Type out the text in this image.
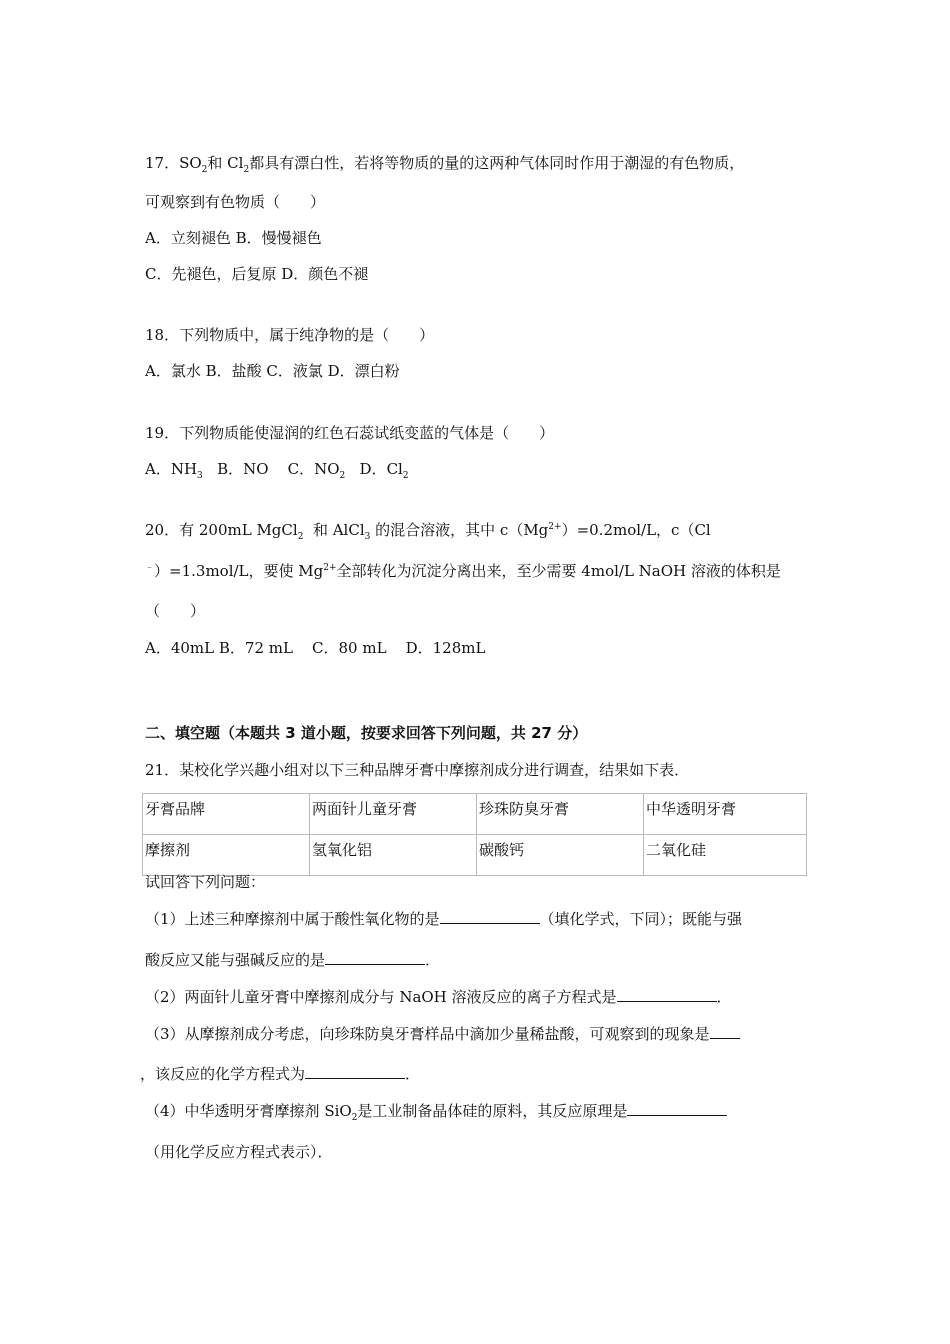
17．$SO_2$和 $Cl_2$都具有漂白性，若将等物质的量的这两种气体同时作用于潮湿的有色物质，
可观察到有色物质（　　）
A．立刻褪色 B．慢慢褪色
C．先褪色，后复原 D．颜色不褪
18．下列物质中，属于纯净物的是（　　）
A．氯水 B．盐酸 C．液氯 D．漂白粉
19．下列物质能使湿润的红色石蕊试纸变蓝的气体是（　　）
A．$NH_3$   B．NO    C．$NO_2$   D．$Cl_2$
20．有 200mL MgCl$_2$  和 AlCl$_3$ 的混合溶液，其中 $c(Mg^{2+})=0.2mol/L$，c（Cl
﹣）=1.3mol/L，要使 $Mg^{2+}$全部转化为沉淀分离出来，至少需要 4mol/L NaOH 溶液的体积是
（　　）
A．40mL B．72 mL    C．80 mL    D．128mL
二、填空题（本题共 3 道小题，按要求回答下列问题，共 27 分）
21．某校化学兴趣小组对以下三种品牌牙膏中摩擦剂成分进行调查，结果如下表．
牙膏品牌	两面针儿童牙膏	珍珠防臭牙膏	中华透明牙膏
摩擦剂	氢氧化铝	碳酸钙	二氧化硅
试回答下列问题：
（1）上述三种摩擦剂中属于酸性氧化物的是	（填化学式，下同）；既能与强
酸反应又能与强碱反应的是	．
（2）两面针儿童牙膏中摩擦剂成分与 NaOH 溶液反应的离子方程式是	．
（3）从摩擦剂成分考虑，向珍珠防臭牙膏样品中滴加少量稀盐酸，可观察到的现象是
，该反应的化学方程式为	．
（4）中华透明牙膏摩擦剂 SiO$_2$是工业制备晶体硅的原料，其反应原理是
（用化学反应方程式表示）．
